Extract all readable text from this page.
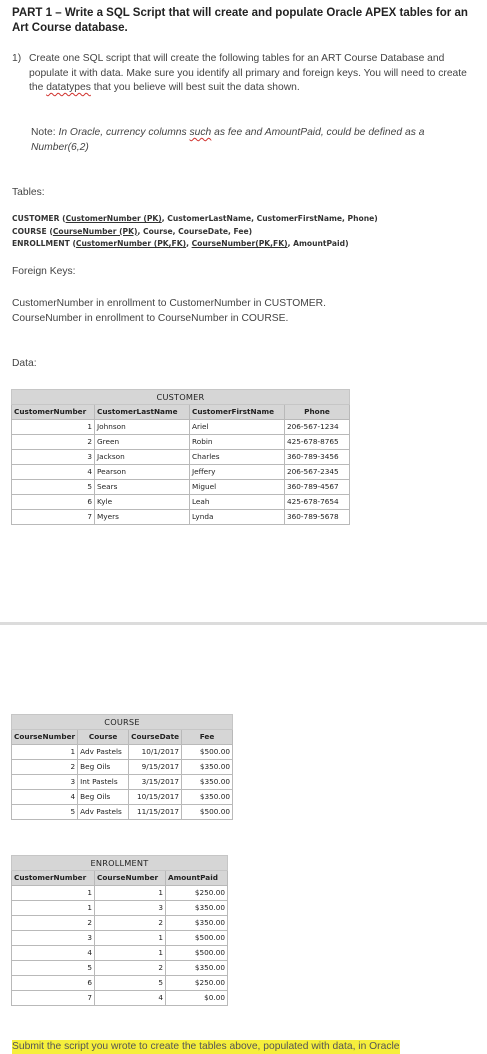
PART 1 – Write a SQL Script that will create and populate Oracle APEX tables for an Art Course database.
1) Create one SQL script that will create the following tables for an ART Course Database and populate it with data. Make sure you identify all primary and foreign keys. You will need to create the datatypes that you believe will best suit the data shown.
Note: In Oracle, currency columns such as fee and AmountPaid, could be defined as a Number(6,2)
Tables:
CUSTOMER (CustomerNumber (PK), CustomerLastName, CustomerFirstName, Phone)
COURSE (CourseNumber (PK), Course, CourseDate, Fee)
ENROLLMENT (CustomerNumber (PK,FK), CourseNumber(PK,FK), AmountPaid)
Foreign Keys:
CustomerNumber in enrollment to CustomerNumber in CUSTOMER.
CourseNumber in enrollment to CourseNumber in COURSE.
Data:
CUSTOMER			
CustomerNumber	CustomerLastName	CustomerFirstName	Phone
1	Johnson	Ariel	206-567-1234
2	Green	Robin	425-678-8765
3	Jackson	Charles	360-789-3456
4	Pearson	Jeffery	206-567-2345
5	Sears	Miguel	360-789-4567
6	Kyle	Leah	425-678-7654
7	Myers	Lynda	360-789-5678
COURSE			
CourseNumber	Course	CourseDate	Fee
1	Adv Pastels	10/1/2017	$500.00
2	Beg Oils	9/15/2017	$350.00
3	Int Pastels	3/15/2017	$350.00
4	Beg Oils	10/15/2017	$350.00
5	Adv Pastels	11/15/2017	$500.00
ENROLLMENT		
CustomerNumber	CourseNumber	AmountPaid
1	1	$250.00
1	3	$350.00
2	2	$350.00
3	1	$500.00
4	1	$500.00
5	2	$350.00
6	5	$250.00
7	4	$0.00
Submit the script you wrote to create the tables above, populated with data, in Oracle
